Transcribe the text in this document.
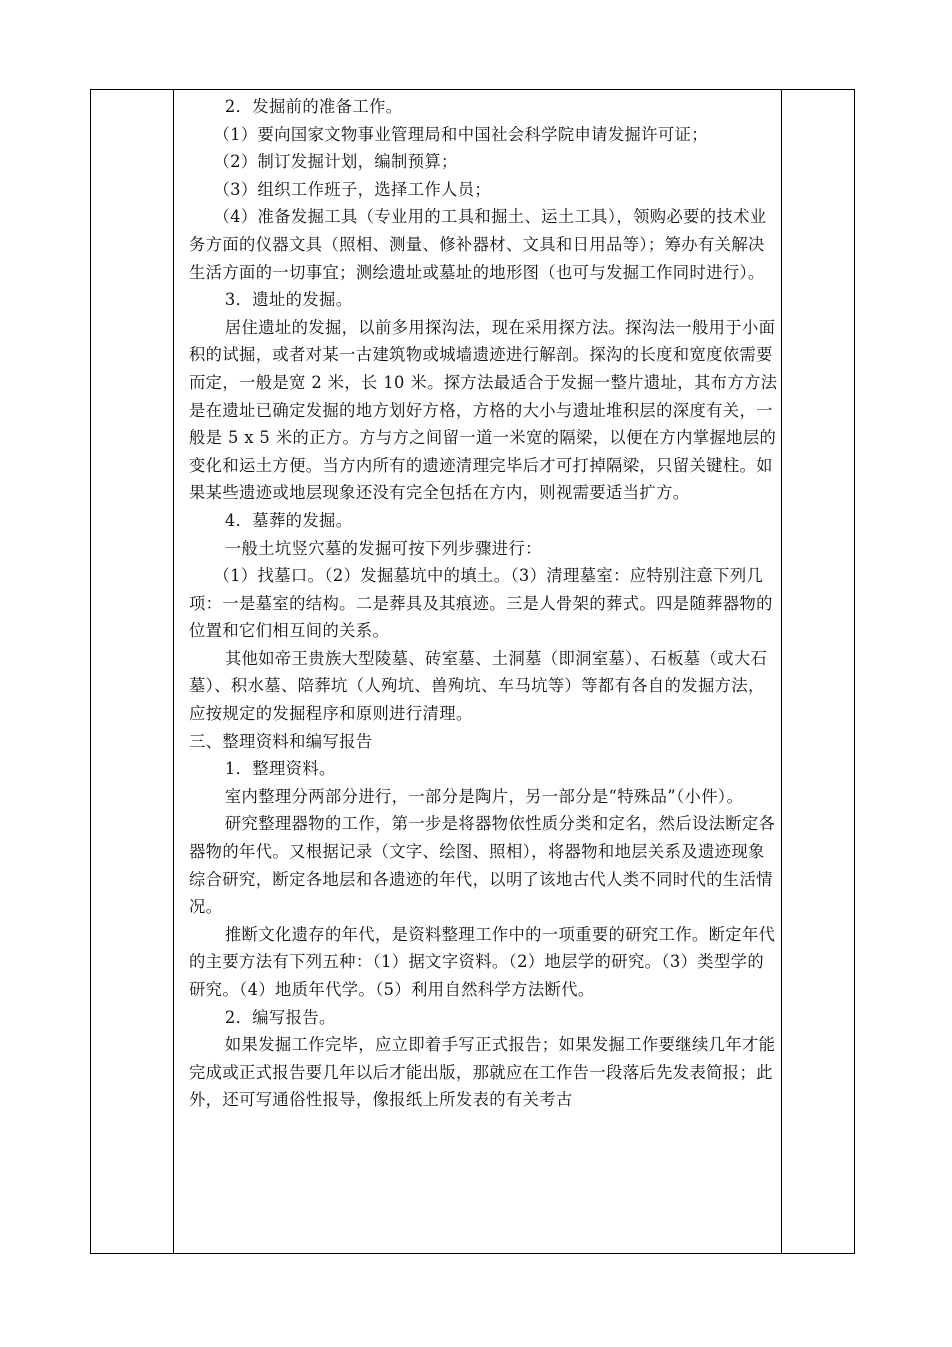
2．发掘前的准备工作。

（1）要向国家文物事业管理局和中国社会科学院申请发掘许可证；

（2）制订发掘计划，编制预算；

（3）组织工作班子，选择工作人员；

（4）准备发掘工具（专业用的工具和掘土、运土工具），领购必要的技术业务方面的仪器文具（照相、测量、修补器材、文具和日用品等）；筹办有关解决生活方面的一切事宜；测绘遗址或墓址的地形图（也可与发掘工作同时进行）。

3．遗址的发掘。

居住遗址的发掘，以前多用探沟法，现在采用探方法。探沟法一般用于小面积的试掘，或者对某一古建筑物或城墙遗迹进行解剖。探沟的长度和宽度依需要而定，一般是宽 2 米，长 10 米。探方法最适合于发掘一整片遗址，其布方方法是在遗址已确定发掘的地方划好方格，方格的大小与遗址堆积层的深度有关，一般是 5 x 5 米的正方。方与方之间留一道一米宽的隔梁，以便在方内掌握地层的变化和运土方便。当方内所有的遗迹清理完毕后才可打掉隔梁，只留关键柱。如果某些遗迹或地层现象还没有完全包括在方内，则视需要适当扩方。

4．墓葬的发掘。

一般土坑竖穴墓的发掘可按下列步骤进行：

（1）找墓口。（2）发掘墓坑中的填土。（3）清理墓室：应特别注意下列几项：一是墓室的结构。二是葬具及其痕迹。三是人骨架的葬式。四是随葬器物的位置和它们相互间的关系。

其他如帝王贵族大型陵墓、砖室墓、土洞墓（即洞室墓）、石板墓（或大石墓）、积水墓、陪葬坑（人殉坑、兽殉坑、车马坑等）等都有各自的发掘方法，应按规定的发掘程序和原则进行清理。

三、整理资料和编写报告

1．整理资料。

室内整理分两部分进行，一部分是陶片，另一部分是“特殊品”（小件）。

研究整理器物的工作，第一步是将器物依性质分类和定名，然后设法断定各器物的年代。又根据记录（文字、绘图、照相），将器物和地层关系及遗迹现象综合研究，断定各地层和各遗迹的年代，以明了该地古代人类不同时代的生活情况。

推断文化遗存的年代，是资料整理工作中的一项重要的研究工作。断定年代的主要方法有下列五种：（1）据文字资料。（2）地层学的研究。（3）类型学的研究。（4）地质年代学。（5）利用自然科学方法断代。

2．编写报告。

如果发掘工作完毕，应立即着手写正式报告；如果发掘工作要继续几年才能完成或正式报告要几年以后才能出版，那就应在工作告一段落后先发表简报；此外，还可写通俗性报导，像报纸上所发表的有关考古
